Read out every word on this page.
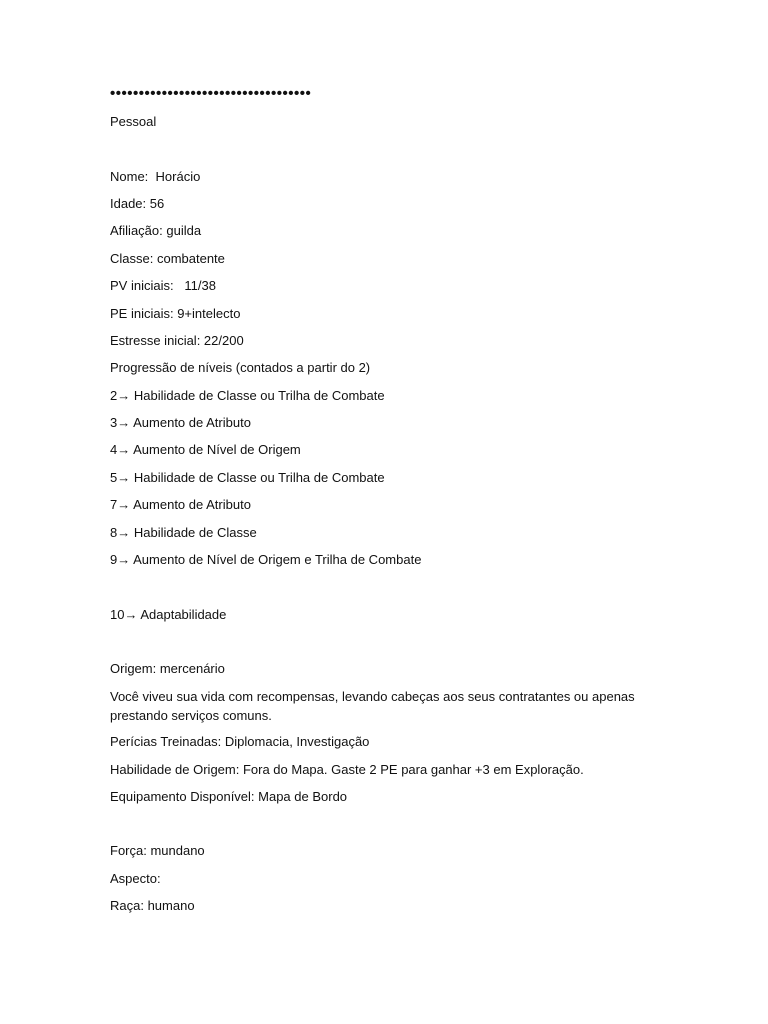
•••••••••••••••••••••••••••••••••••

Pessoal

Nome:  Horácio

Idade: 56

Afiliação: guilda

Classe: combatente

PV iniciais:   11/38

PE iniciais: 9+intelecto

Estresse inicial: 22/200

Progressão de níveis (contados a partir do 2)

2→ Habilidade de Classe ou Trilha de Combate

3→ Aumento de Atributo

4→ Aumento de Nível de Origem

5→ Habilidade de Classe ou Trilha de Combate

7→ Aumento de Atributo

8→ Habilidade de Classe

9→ Aumento de Nível de Origem e Trilha de Combate

10→ Adaptabilidade

Origem: mercenário

Você viveu sua vida com recompensas, levando cabeças aos seus contratantes ou apenas prestando serviços comuns.

Perícias Treinadas: Diplomacia, Investigação

Habilidade de Origem: Fora do Mapa. Gaste 2 PE para ganhar +3 em Exploração.

Equipamento Disponível: Mapa de Bordo

Força: mundano

Aspecto:

Raça: humano
